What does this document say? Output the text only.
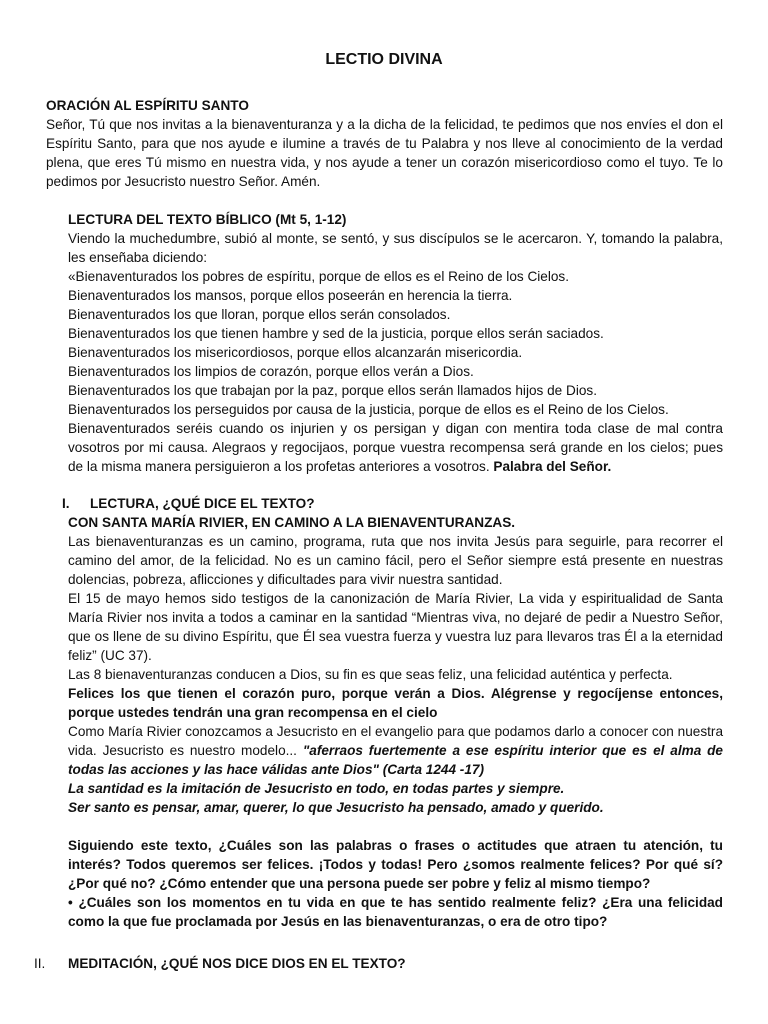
LECTIO DIVINA

ORACIÓN AL ESPÍRITU SANTO

Señor, Tú que nos invitas a la bienaventuranza y a la dicha de la felicidad, te pedimos que nos envíes el don el Espíritu Santo, para que nos ayude e ilumine a través de tu Palabra y nos lleve al conocimiento de la verdad plena, que eres Tú mismo en nuestra vida, y nos ayude a tener un corazón misericordioso como el tuyo. Te lo pedimos por Jesucristo nuestro Señor. Amén.

LECTURA DEL TEXTO BÍBLICO (Mt 5, 1-12)

Viendo la muchedumbre, subió al monte, se sentó, y sus discípulos se le acercaron. Y, tomando la palabra, les enseñaba diciendo:

«Bienaventurados los pobres de espíritu, porque de ellos es el Reino de los Cielos.

Bienaventurados los mansos, porque ellos poseerán en herencia la tierra.

Bienaventurados los que lloran, porque ellos serán consolados.

Bienaventurados los que tienen hambre y sed de la justicia, porque ellos serán saciados.

Bienaventurados los misericordiosos, porque ellos alcanzarán misericordia.

Bienaventurados los limpios de corazón, porque ellos verán a Dios.

Bienaventurados los que trabajan por la paz, porque ellos serán llamados hijos de Dios.

Bienaventurados los perseguidos por causa de la justicia, porque de ellos es el Reino de los Cielos.

Bienaventurados seréis cuando os injurien y os persigan y digan con mentira toda clase de mal contra vosotros por mi causa. Alegraos y regocijaos, porque vuestra recompensa será grande en los cielos; pues de la misma manera persiguieron a los profetas anteriores a vosotros. Palabra del Señor.

I.	LECTURA, ¿QUÉ DICE EL TEXTO?

CON SANTA MARÍA RIVIER, EN CAMINO A LA BIENAVENTURANZAS.

Las bienaventuranzas es un camino, programa, ruta que nos invita Jesús para seguirle, para recorrer el camino del amor, de la felicidad. No es un camino fácil, pero el Señor siempre está presente en nuestras dolencias, pobreza, aflicciones y dificultades para vivir nuestra santidad.

El 15 de mayo hemos sido testigos de la canonización de María Rivier, La vida y espiritualidad de Santa María Rivier nos invita a todos a caminar en la santidad “Mientras viva, no dejaré de pedir a Nuestro Señor, que os llene de su divino Espíritu, que Él sea vuestra fuerza y vuestra luz para llevaros tras Él a la eternidad feliz” (UC 37).

Las 8 bienaventuranzas conducen a Dios, su fin es que seas feliz, una felicidad auténtica y perfecta.

Felices los que tienen el corazón puro, porque verán a Dios. Alégrense y regocíjense entonces, porque ustedes tendrán una gran recompensa en el cielo

Como María Rivier conozcamos a Jesucristo en el evangelio para que podamos darlo a conocer con nuestra vida. Jesucristo es nuestro modelo... "aferraos fuertemente a ese espíritu interior que es el alma de todas las acciones y las hace válidas ante Dios" (Carta 1244 -17)

La santidad es la imitación de Jesucristo en todo, en todas partes y siempre.

Ser santo es pensar, amar, querer, lo que Jesucristo ha pensado, amado y querido.

Siguiendo este texto, ¿Cuáles son las palabras o frases o actitudes que atraen tu atención, tu interés? Todos queremos ser felices. ¡Todos y todas! Pero ¿somos realmente felices? Por qué sí? ¿Por qué no? ¿Cómo entender que una persona puede ser pobre y feliz al mismo tiempo?

• ¿Cuáles son los momentos en tu vida en que te has sentido realmente feliz? ¿Era una felicidad como la que fue proclamada por Jesús en las bienaventuranzas, o era de otro tipo?

II.	MEDITACIÓN, ¿QUÉ NOS DICE DIOS EN EL TEXTO?
